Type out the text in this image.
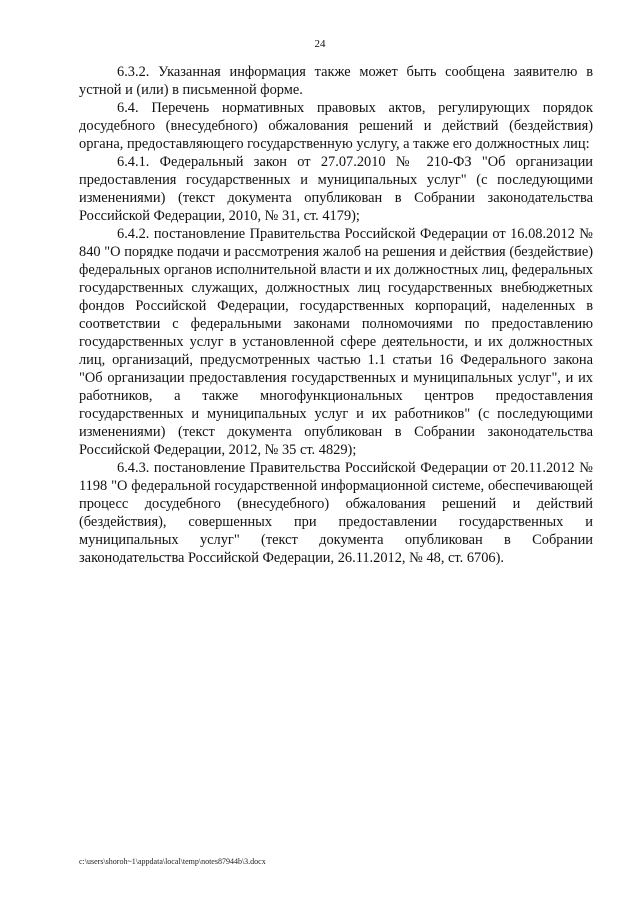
24

6.3.2. Указанная информация также может быть сообщена заявителю в устной и (или) в письменной форме.

6.4. Перечень нормативных правовых актов, регулирующих порядок досудебного (внесудебного) обжалования решений и действий (бездействия) органа, предоставляющего государственную услугу, а также его должностных лиц:

6.4.1. Федеральный закон от 27.07.2010 № 210-ФЗ "Об организации предоставления государственных и муниципальных услуг" (с последующими изменениями) (текст документа опубликован в Собрании законодательства Российской Федерации, 2010, № 31, ст. 4179);

6.4.2. постановление Правительства Российской Федерации от 16.08.2012 № 840 "О порядке подачи и рассмотрения жалоб на решения и действия (бездействие) федеральных органов исполнительной власти и их должностных лиц, федеральных государственных служащих, должностных лиц государственных внебюджетных фондов Российской Федерации, государственных корпораций, наделенных в соответствии с федеральными законами полномочиями по предоставлению государственных услуг в установленной сфере деятельности, и их должностных лиц, организаций, предусмотренных частью 1.1 статьи 16 Федерального закона "Об организации предоставления государственных и муниципальных услуг", и их работников, а также многофункциональных центров предоставления государственных и муниципальных услуг и их работников" (с последующими изменениями) (текст документа опубликован в Собрании законодательства Российской Федерации, 2012, № 35 ст. 4829);

6.4.3. постановление Правительства Российской Федерации от 20.11.2012 № 1198 "О федеральной государственной информационной системе, обеспечивающей процесс досудебного (внесудебного) обжалования решений и действий (бездействия), совершенных при предоставлении государственных и муниципальных услуг" (текст документа опубликован в Собрании законодательства Российской Федерации, 26.11.2012, № 48, ст. 6706).

c:\users\shoroh~1\appdata\local\temp\notes87944b\3.docx
